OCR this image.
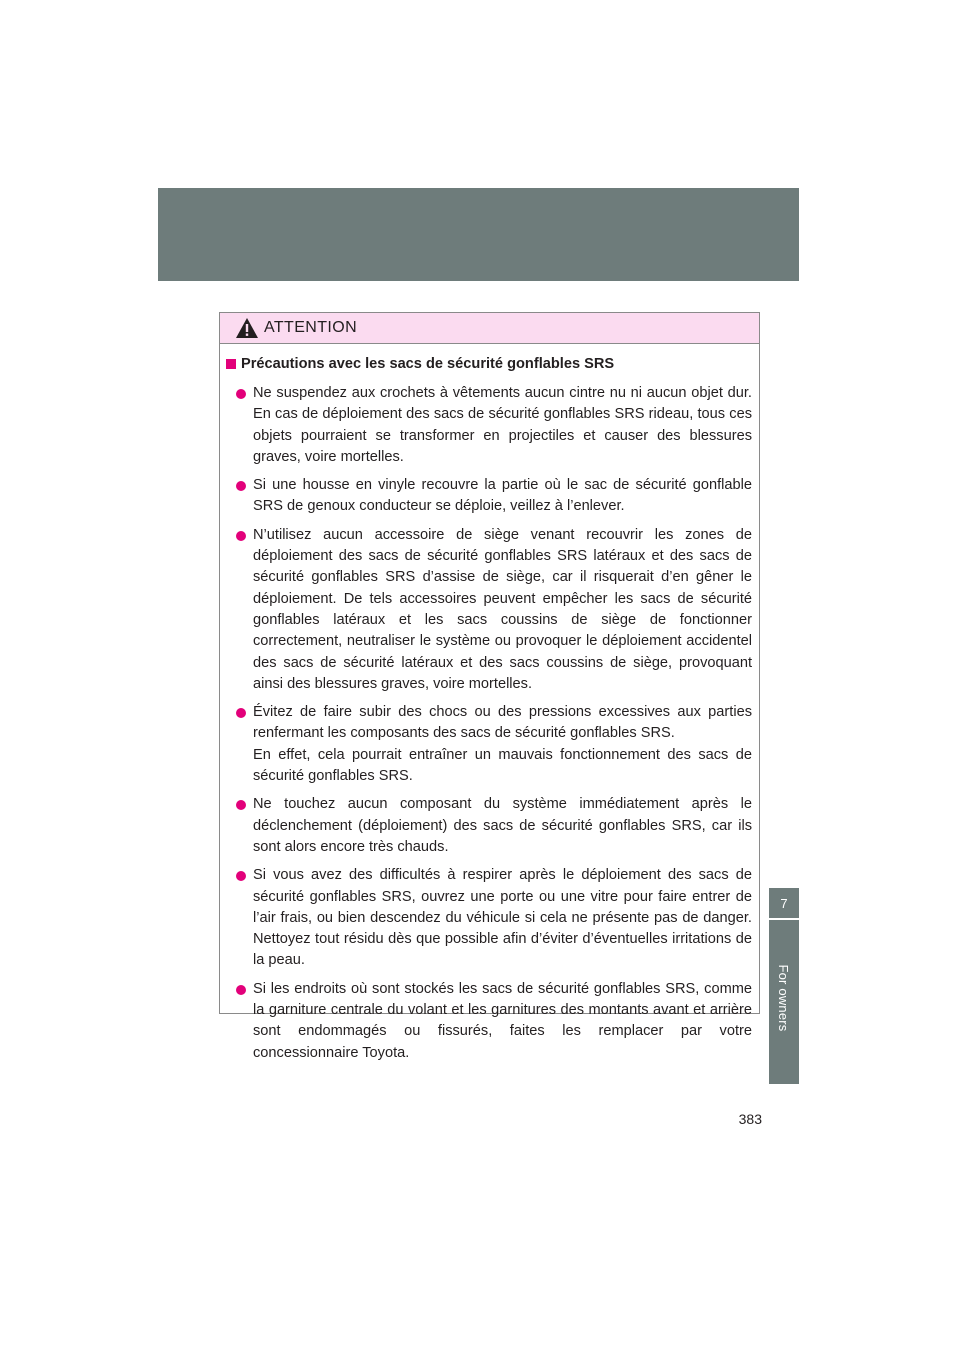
7
For owners
ATTENTION
Précautions avec les sacs de sécurité gonflables SRS
Ne suspendez aux crochets à vêtements aucun cintre nu ni aucun objet dur. En cas de déploiement des sacs de sécurité gonflables SRS rideau, tous ces objets pourraient se transformer en projectiles et causer des blessures graves, voire mortelles.
Si une housse en vinyle recouvre la partie où le sac de sécurité gonflable SRS de genoux conducteur se déploie, veillez à l’enlever.
N’utilisez aucun accessoire de siège venant recouvrir les zones de déploiement des sacs de sécurité gonflables SRS latéraux et des sacs de sécurité gonflables SRS d’assise de siège, car il risquerait d’en gêner le déploiement. De tels accessoires peuvent empêcher les sacs de sécurité gonflables latéraux et les sacs coussins de siège de fonctionner correctement, neutraliser le système ou provoquer le déploiement accidentel des sacs de sécurité latéraux et des sacs coussins de siège, provoquant ainsi des blessures graves, voire mortelles.
Évitez de faire subir des chocs ou des pressions excessives aux parties renfermant les composants des sacs de sécurité gonflables SRS.
En effet, cela pourrait entraîner un mauvais fonctionnement des sacs de sécurité gonflables SRS.
Ne touchez aucun composant du système immédiatement après le déclenchement (déploiement) des sacs de sécurité gonflables SRS, car ils sont alors encore très chauds.
Si vous avez des difficultés à respirer après le déploiement des sacs de sécurité gonflables SRS, ouvrez une porte ou une vitre pour faire entrer de l’air frais, ou bien descendez du véhicule si cela ne présente pas de danger. Nettoyez tout résidu dès que possible afin d’éviter d’éventuelles irritations de la peau.
Si les endroits où sont stockés les sacs de sécurité gonflables SRS, comme la garniture centrale du volant et les garnitures des montants avant et arrière sont endommagés ou fissurés, faites les remplacer par votre concessionnaire Toyota.
383
